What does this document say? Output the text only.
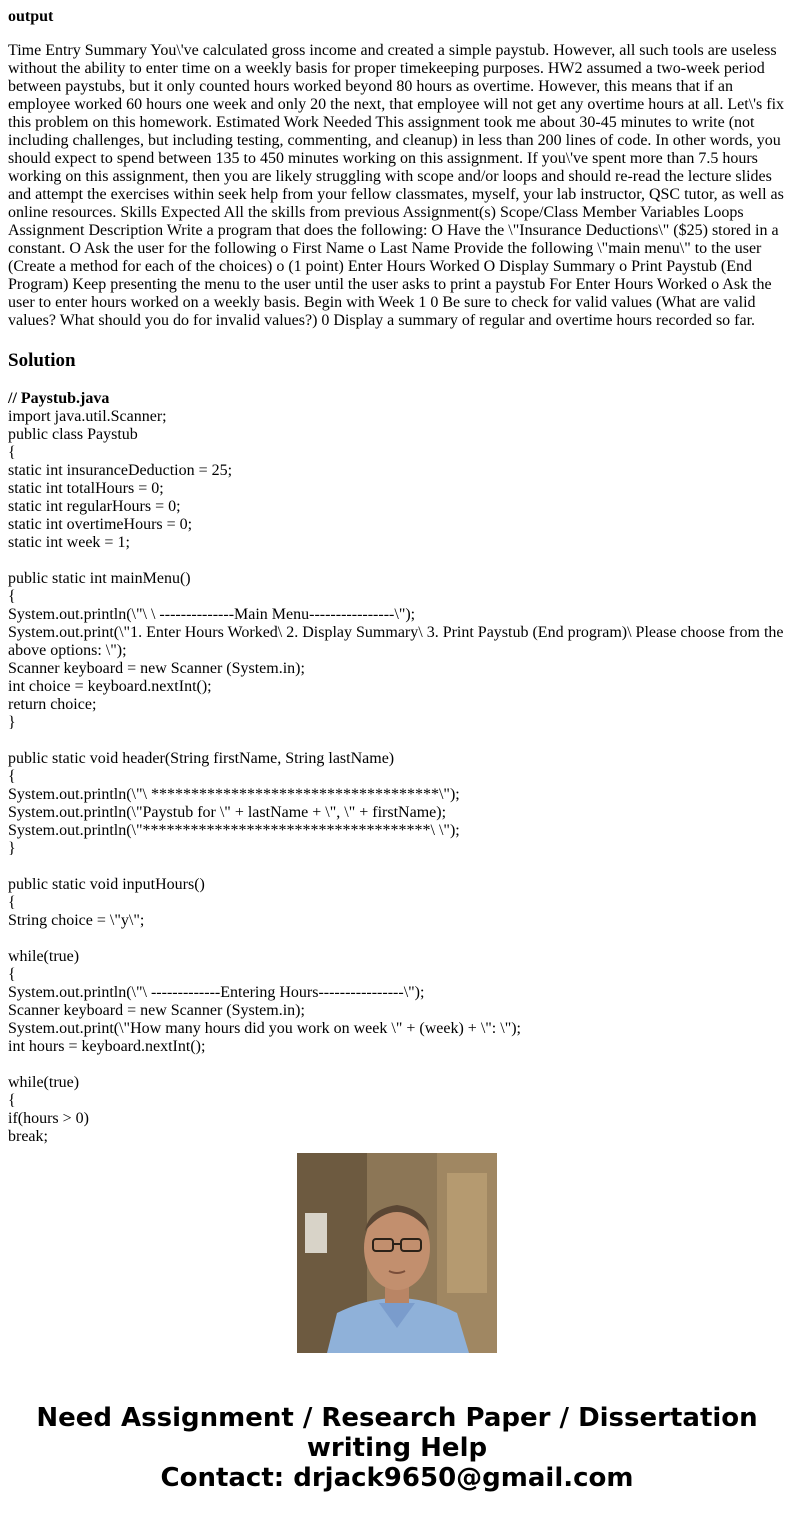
output
Time Entry Summary You\'ve calculated gross income and created a simple paystub. However, all such tools are useless without the ability to enter time on a weekly basis for proper timekeeping purposes. HW2 assumed a two-week period between paystubs, but it only counted hours worked beyond 80 hours as overtime. However, this means that if an employee worked 60 hours one week and only 20 the next, that employee will not get any overtime hours at all. Let\'s fix this problem on this homework. Estimated Work Needed This assignment took me about 30-45 minutes to write (not including challenges, but including testing, commenting, and cleanup) in less than 200 lines of code. In other words, you should expect to spend between 135 to 450 minutes working on this assignment. If you\'ve spent more than 7.5 hours working on this assignment, then you are likely struggling with scope and/or loops and should re-read the lecture slides and attempt the exercises within seek help from your fellow classmates, myself, your lab instructor, QSC tutor, as well as online resources. Skills Expected All the skills from previous Assignment(s) Scope/Class Member Variables Loops Assignment Description Write a program that does the following: O Have the \"Insurance Deductions\" ($25) stored in a constant. O Ask the user for the following o First Name o Last Name Provide the following \"main menu\" to the user (Create a method for each of the choices) o (1 point) Enter Hours Worked O Display Summary o Print Paystub (End Program) Keep presenting the menu to the user until the user asks to print a paystub For Enter Hours Worked o Ask the user to enter hours worked on a weekly basis. Begin with Week 1 0 Be sure to check for valid values (What are valid values? What should you do for invalid values?) 0 Display a summary of regular and overtime hours recorded so far.
Solution
// Paystub.java
import java.util.Scanner;
public class Paystub
{
static int insuranceDeduction = 25;
static int totalHours = 0;
static int regularHours = 0;
static int overtimeHours = 0;
static int week = 1;
public static int mainMenu()
{
System.out.println(\"\ \ --------------Main Menu----------------\");
System.out.print(\"1. Enter Hours Worked\ 2. Display Summary\ 3. Print Paystub (End program)\ Please choose from the above options: \");
Scanner keyboard = new Scanner (System.in);
int choice = keyboard.nextInt();
return choice;
}
public static void header(String firstName, String lastName)
{
System.out.println(\"\ ************************************\");
System.out.println(\"Paystub for \" + lastName + \", \" + firstName);
System.out.println(\"************************************\ \");
}
public static void inputHours()
{
String choice = \"y\";
while(true)
{
System.out.println(\"\ -------------Entering Hours----------------\");
Scanner keyboard = new Scanner (System.in);
System.out.print(\"How many hours did you work on week \" + (week) + \": \");
int hours = keyboard.nextInt();
while(true)
{
if(hours > 0)
break;
Need Assignment / Research Paper / Dissertation
writing Help
Contact: drjack9650@gmail.com
